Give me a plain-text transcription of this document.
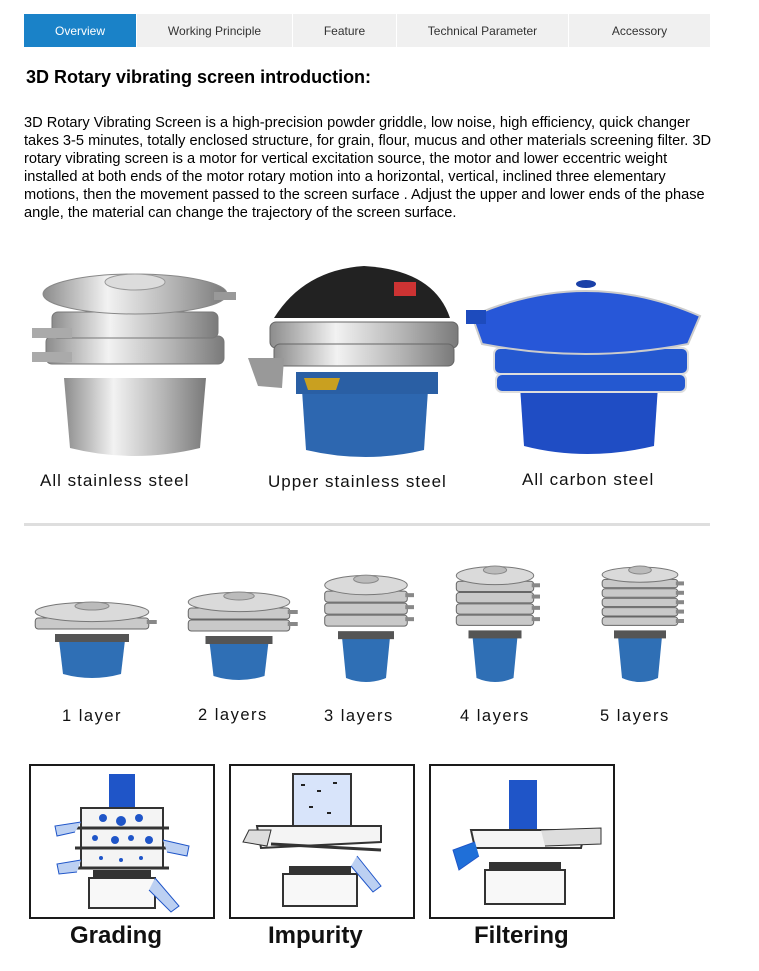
Overview	Working Principle	Feature	Technical Parameter	Accessory
3D Rotary vibrating screen introduction:

3D Rotary Vibrating Screen is a high-precision powder griddle, low noise, high efficiency, quick changer takes 3-5 minutes, totally enclosed structure, for grain, flour, mucus and other materials screening filter. 3D rotary vibrating screen is a motor for vertical excitation source, the motor and lower eccentric weight installed at both ends of the motor rotary motion into a horizontal, vertical, inclined three elementary motions, then the movement passed to the screen surface . Adjust the upper and lower ends of the phase angle, the material can change the trajectory of the screen surface.

All stainless steel	Upper stainless steel	All carbon steel
1 layer	2 layers	3 layers	4 layers	5 layers
Grading	Impurity	Filtering
